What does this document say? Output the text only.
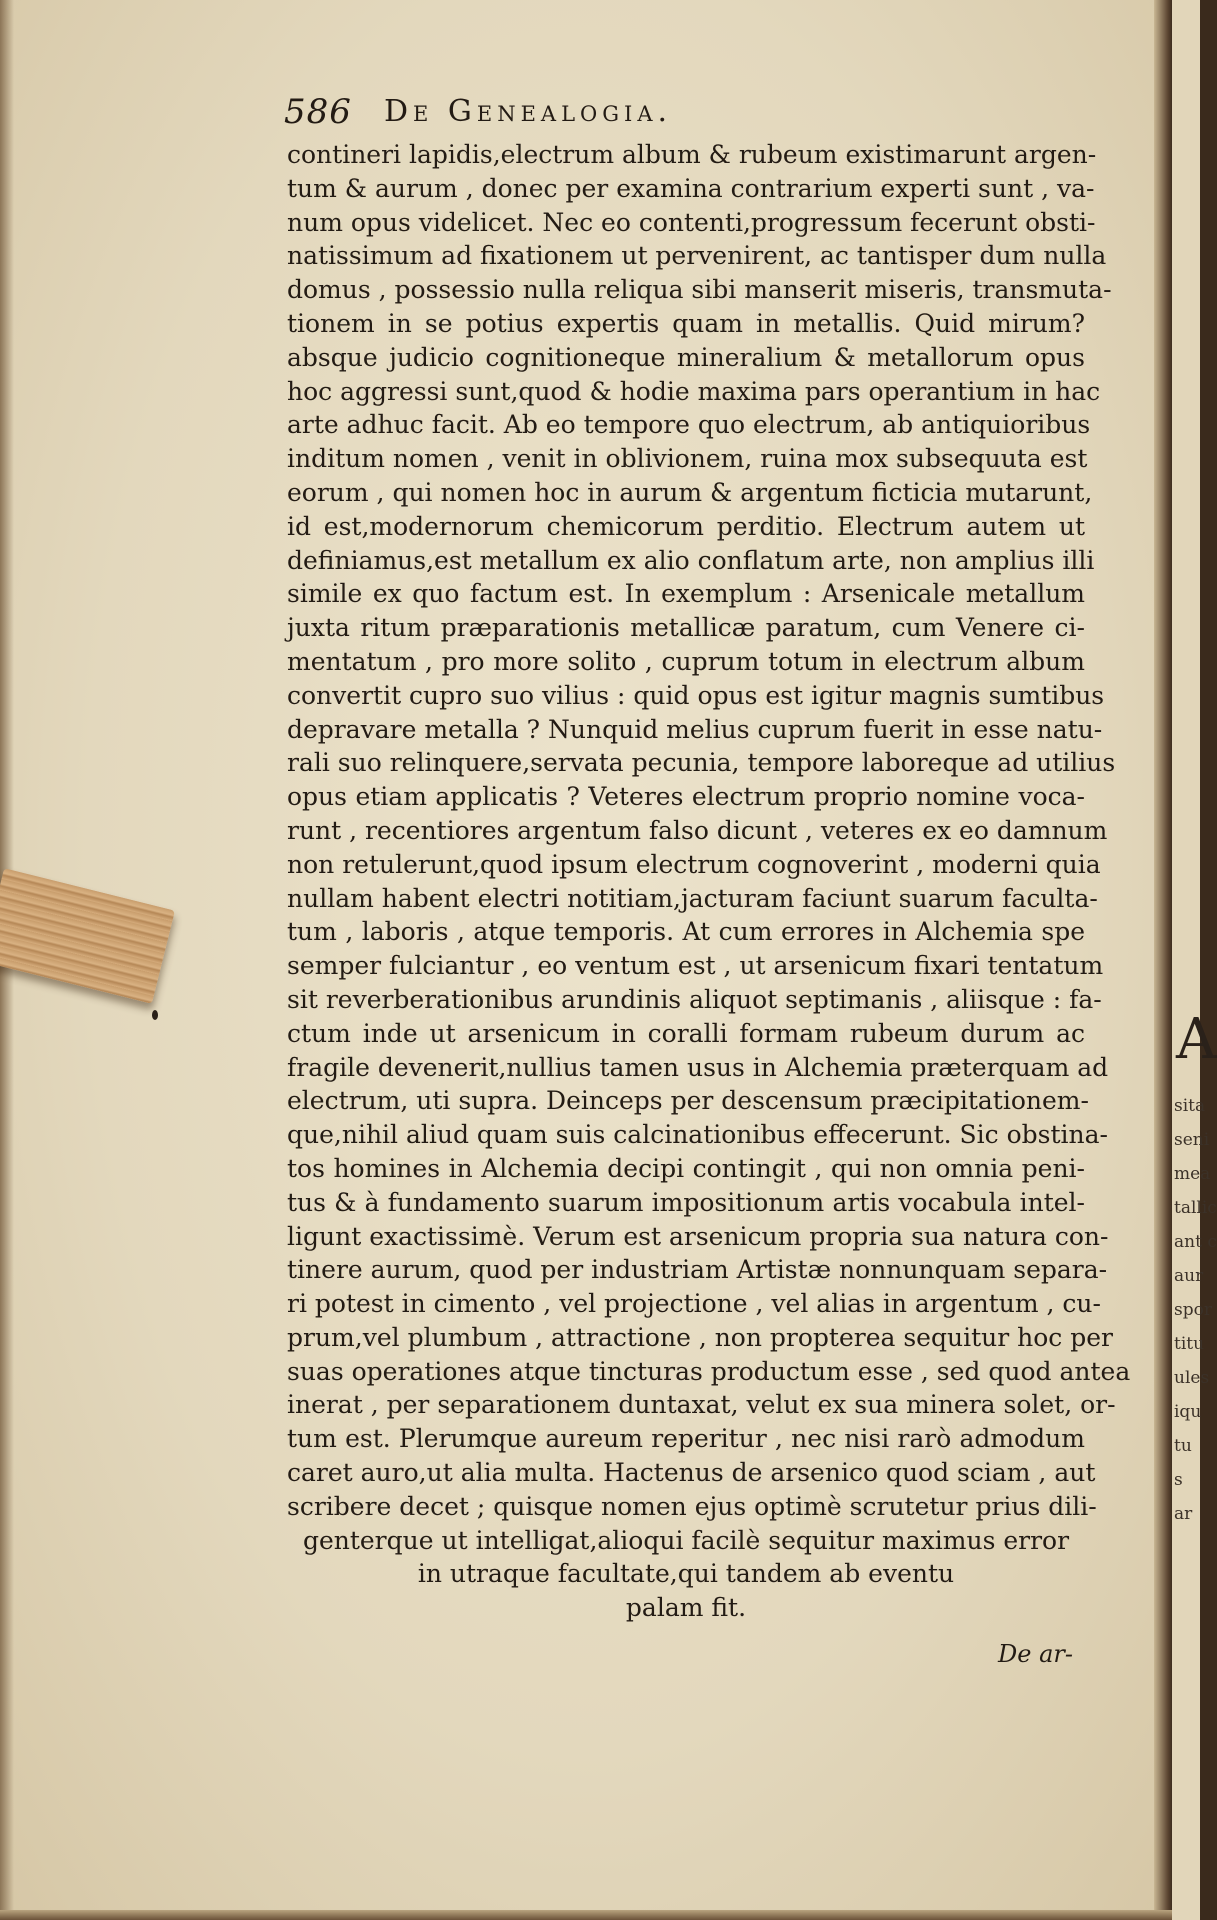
586 De Genealogia.
contineri lapidis,electrum album & rubeum existimarunt argen-
tum & aurum , donec per examina contrarium experti sunt , va-
num opus videlicet. Nec eo contenti,progressum fecerunt obsti-
natissimum ad fixationem ut pervenirent, ac tantisper dum nulla
domus , possessio nulla reliqua sibi manserit miseris, transmuta-
tionem in se potius expertis quam in metallis. Quid mirum?
absque judicio cognitioneque mineralium & metallorum opus
hoc aggressi sunt,quod & hodie maxima pars operantium in hac
arte adhuc facit. Ab eo tempore quo electrum, ab antiquioribus
inditum nomen , venit in oblivionem, ruina mox subsequuta est
eorum , qui nomen hoc in aurum & argentum ficticia mutarunt,
id est,modernorum chemicorum perditio. Electrum autem ut
definiamus,est metallum ex alio conflatum arte, non amplius illi
simile ex quo factum est. In exemplum : Arsenicale metallum
juxta ritum præparationis metallicæ paratum, cum Venere ci-
mentatum , pro more solito , cuprum totum in electrum album
convertit cupro suo vilius : quid opus est igitur magnis sumtibus
depravare metalla ? Nunquid melius cuprum fuerit in esse natu-
rali suo relinquere,servata pecunia, tempore laboreque ad utilius
opus etiam applicatis ? Veteres electrum proprio nomine voca-
runt , recentiores argentum falso dicunt , veteres ex eo damnum
non retulerunt,quod ipsum electrum cognoverint , moderni quia
nullam habent electri notitiam,jacturam faciunt suarum faculta-
tum , laboris , atque temporis. At cum errores in Alchemia spe
semper fulciantur , eo ventum est , ut arsenicum fixari tentatum
sit reverberationibus arundinis aliquot septimanis , aliisque : fa-
ctum inde ut arsenicum in coralli formam rubeum durum ac
fragile devenerit,nullius tamen usus in Alchemia præterquam ad
electrum, uti supra. Deinceps per descensum præcipitationem-
que,nihil aliud quam suis calcinationibus effecerunt. Sic obstina-
tos homines in Alchemia decipi contingit , qui non omnia peni-
tus & à fundamento suarum impositionum artis vocabula intel-
ligunt exactissimè. Verum est arsenicum propria sua natura con-
tinere aurum, quod per industriam Artistæ nonnunquam separa-
ri potest in cimento , vel projectione , vel alias in argentum , cu-
prum,vel plumbum , attractione , non propterea sequitur hoc per
suas operationes atque tincturas productum esse , sed quod antea
inerat , per separationem duntaxat, velut ex sua minera solet, or-
tum est. Plerumque aureum reperitur , nec nisi rarò admodum
caret auro,ut alia multa. Hactenus de arsenico quod sciam , aut
scribere decet ; quisque nomen ejus optimè scrutetur prius dili-
genterque ut intelligat,alioqui facilè sequitur maximus error
in utraque facultate,qui tandem ab eventu
palam fit.
De ar-
A
sita
seni
mea
tallic
ant c
aur
spor
titu
ules
iqu
tu
s
ar
